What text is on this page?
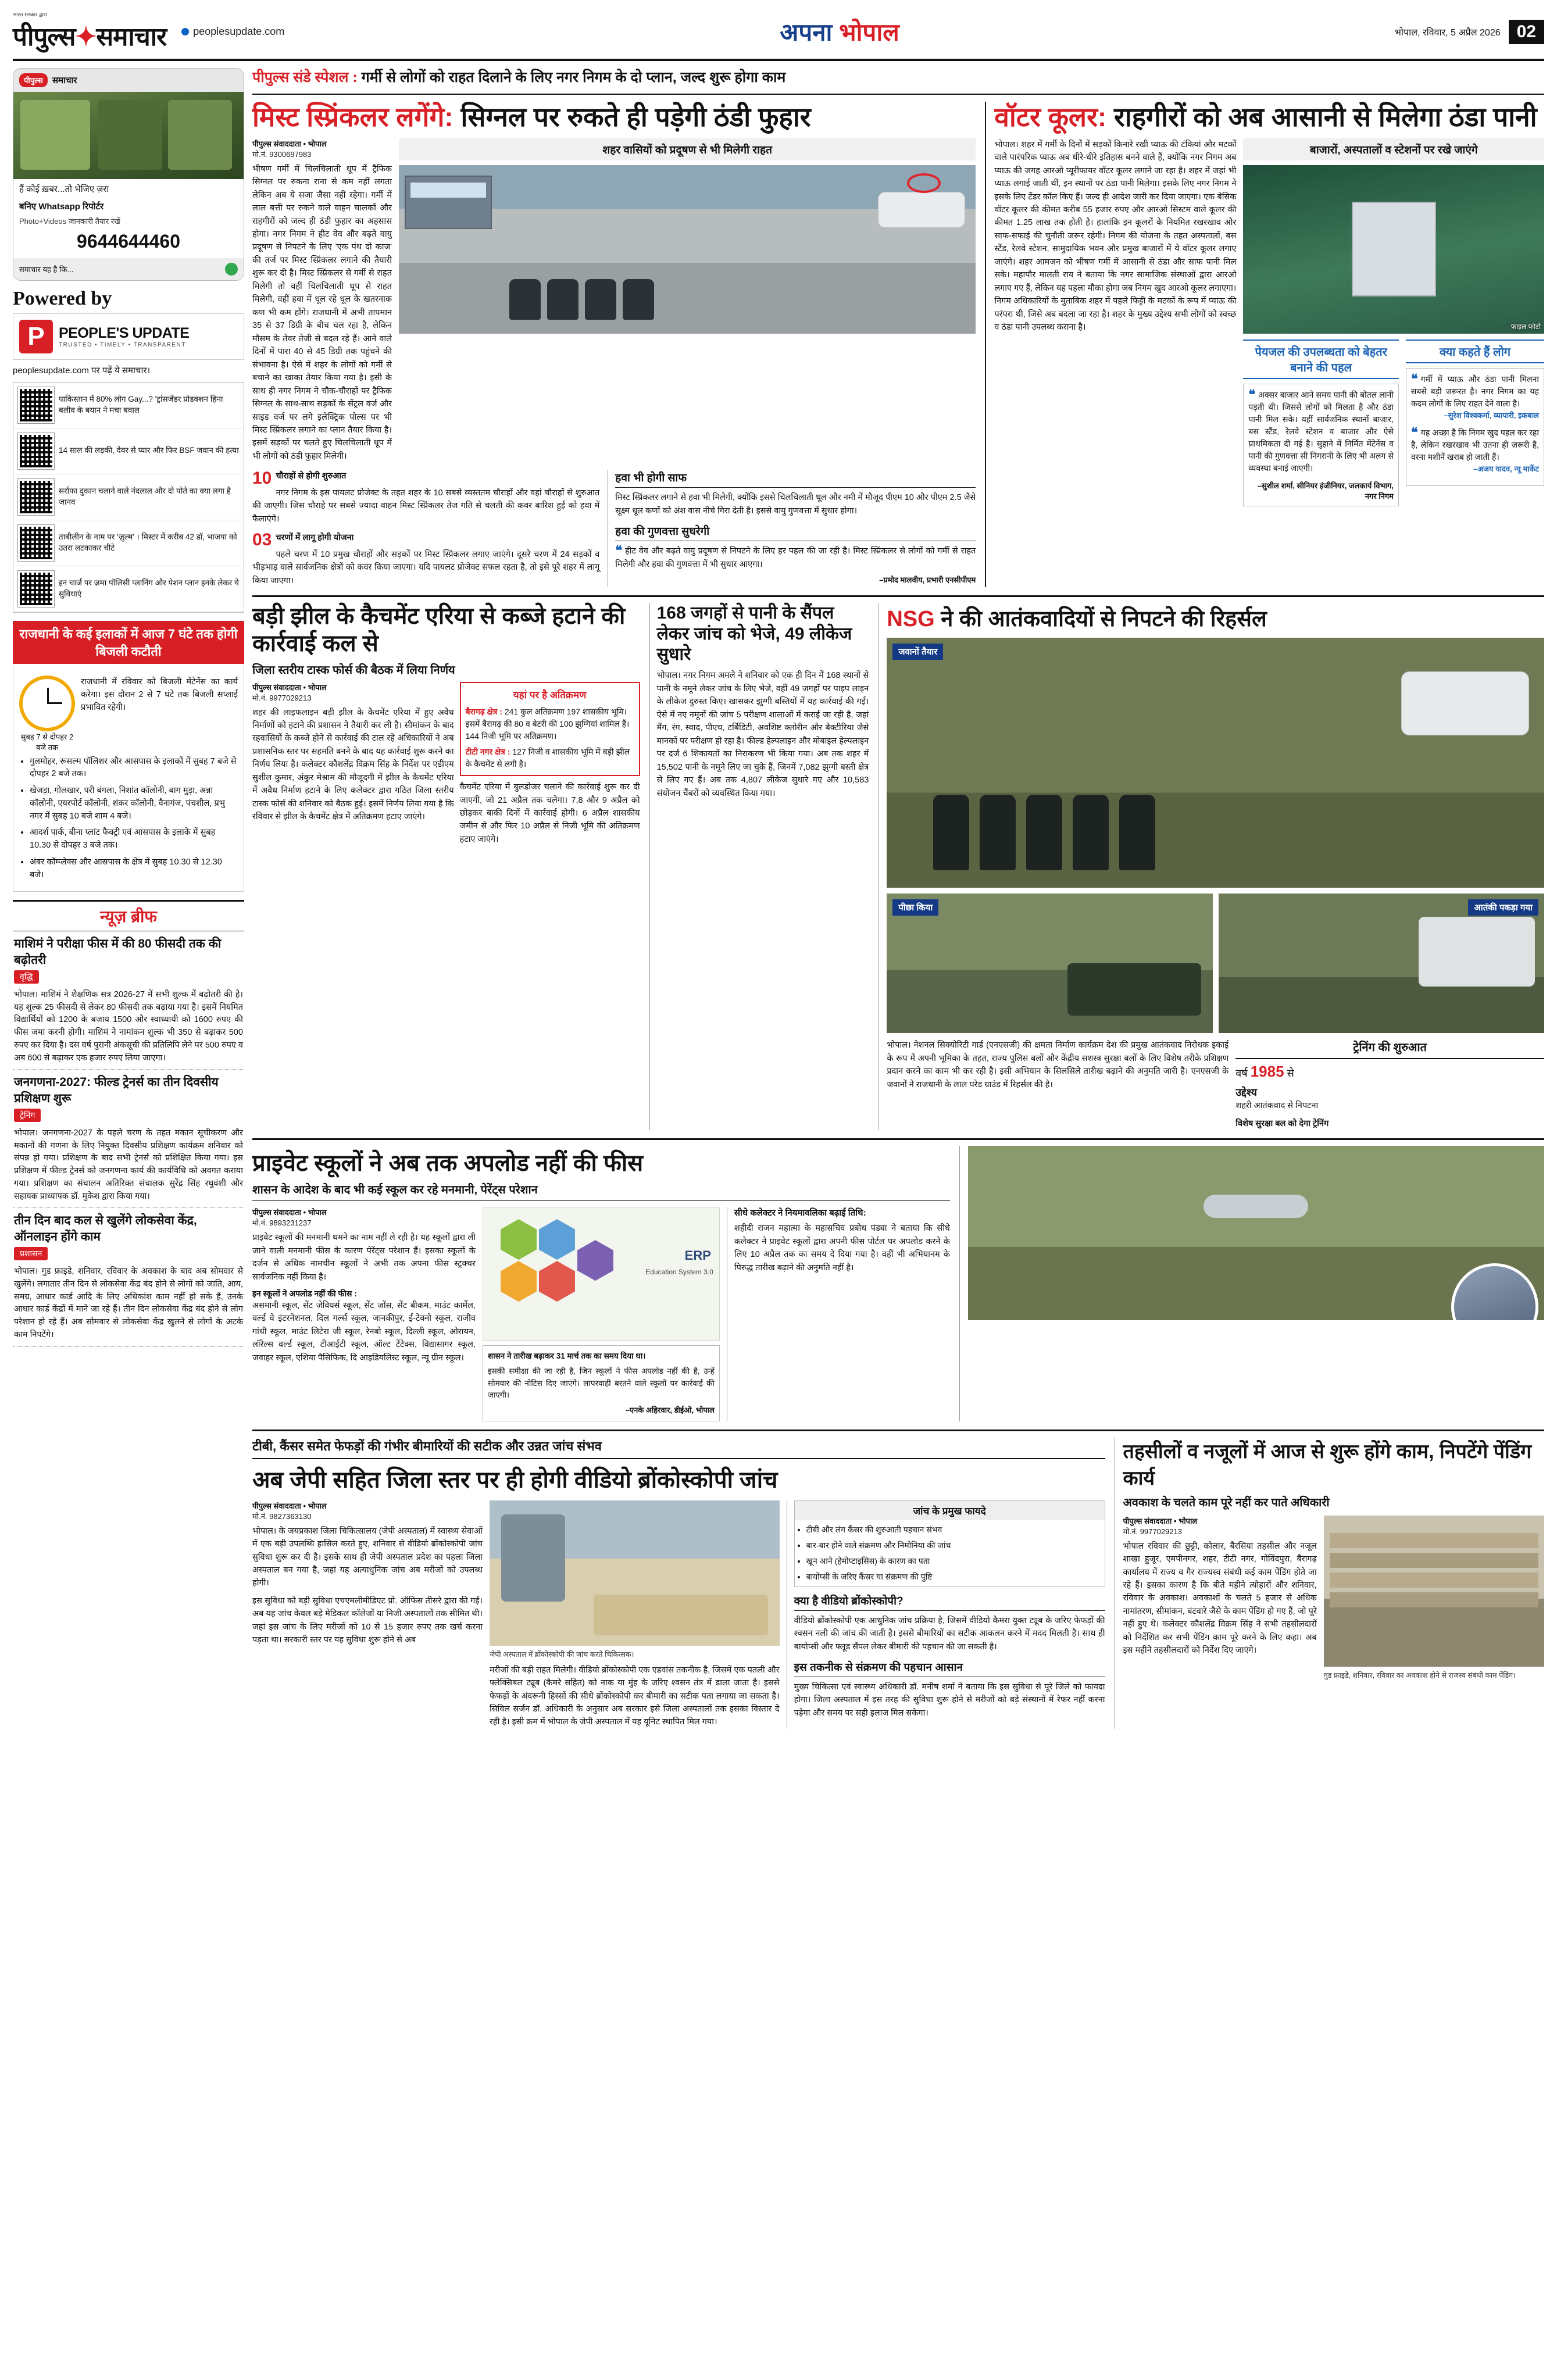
भारत सरकार द्वारा
पीपुल्स✦समाचार	peoplesupdate.com	अपना भोपाल	भोपाल, रविवार, 5 अप्रैल 2026 02
पीपुल्स	समाचार
हैं कोई ख़बर...तो भेजिए ज़रा
बनिए Whatsapp रिपोर्टर
Photo+Videos जानकारी तैयार रखें
9644644460
समाचार यह है कि...
Powered by
P PEOPLE'S UPDATE
TRUSTED • TIMELY • TRANSPARENT
peoplesupdate.com पर पढ़ें ये समाचार।
पाकिस्तान में 80% लोग Gay...? 'ट्रांसजेंडर प्रोडक्शन हिना बलीव के बयान ने मचा बवाल
14 साल की लड़की, देवर से प्यार और फिर BSF जवान की हत्या
सर्राफा दुकान चलाने वाले नंदलाल और दो पोते का क्या लगा है जानव
ताबीलीन के नाम पर 'ज़ुल्म' । मिस्टर में करीब 42 डॉ, भाजपा को उतरा लटकाकर चीटे
इन चार्ज पर ज़मा पॉलिसी प्लानिंग और पेशन प्लान इनके लेकर ये सुविधाएं
राजधानी के कई इलाकों में आज 7 घंटे तक होगी बिजली कटौती
सुबह 7 से दोपहर 2 बजे तक
राजधानी में रविवार को बिजली मेंटेनेंस का कार्य करेगा। इस दौरान 2 से 7 घंटे तक बिजली सप्लाई प्रभावित रहेगी।
• गुलमोहर, रूसल्म पॉलिशर और आसपास के इलाकों में सुबह 7 बजे से दोपहर 2 बजे तक।
• खेजड़ा, गोलखार, परी बंगला, निशांत कॉलोनी, बाग मुड़ा, अन्ना कॉलोनी, एयरपोर्ट कॉलोनी, शंकर कॉलोनी, वैनागंज, पंचशील, प्रभु नगर में सुबह 10 बजे शाम 4 बजे।
• आदर्श पार्क, बीना प्लांट फैक्ट्री एवं आसपास के इलाके में सुबह 10.30 से दोपहर 3 बजे तक।
• अंबर कॉम्प्लेक्स और आसपास के क्षेत्र में सुबह 10.30 से 12.30 बजे।
न्यूज़ ब्रीफ
माशिमं ने परीक्षा फीस में की 80 फीसदी तक की बढ़ोतरी
वृद्धि
भोपाल। माशिमं ने शैक्षणिक सत्र 2026-27 में सभी शुल्क में बढ़ोतरी की है। यह शुल्क 25 फीसदी से लेकर 80 फीसदी तक बढ़ाया गया है। इसमें नियमित विद्यार्थियों को 1200 के बजाय 1500 और स्वाध्यायी को 1600 रुपए की फीस जमा करनी होगी। माशिमं ने नामांकन शुल्क भी 350 से बढ़ाकर 500 रुपए कर दिया है। दस वर्ष पुरानी अंकसूची की प्रतिलिपि लेने पर 500 रुपए व अब 600 से बढ़ाकर एक हजार रुपए लिया जाएगा।
जनगणना-2027: फील्ड ट्रेनर्स का तीन दिवसीय प्रशिक्षण शुरू
ट्रेनिंग
भोपाल। जनगणना-2027 के पहले चरण के तहत मकान सूचीकरण और मकानों की गणना के लिए नियुक्त दिवसीय प्रशिक्षण कार्यक्रम शनिवार को संपन्न हो गया। प्रशिक्षण के बाद सभी ट्रेनर्स को प्रशिक्षित किया गया। इस प्रशिक्षण में फील्ड ट्रेनर्स को जनगणना कार्य की कार्यविधि को अवगत कराया गया। प्रशिक्षण का संचालन अतिरिक्त संचालक सुरेंद्र सिंह रघुवंशी और सहायक प्राध्यापक डॉ. मुकेश द्वारा किया गया।
तीन दिन बाद कल से खुलेंगे लोकसेवा केंद्र, ऑनलाइन होंगे काम
प्रशासन
भोपाल। गुड फ्राइडे, शनिवार, रविवार के अवकाश के बाद अब सोमवार से खुलेंगे। लगातार तीन दिन से लोकसेवा केंद्र बंद होने से लोगों को जाति, आय, समग्र, आधार कार्ड आदि के लिए अधिकांश काम नहीं हो सके हैं, उनके आधार कार्ड केंद्रों में माने जा रहे हैं। तीन दिन लोकसेवा केंद्र बंद होने से लोग परेशान हो रहे हैं। अब सोमवार से लोकसेवा केंद्र खुलने से लोगों के अटके काम निपटेंगे।
पीपुल्स संडे स्पेशल : गर्मी से लोगों को राहत दिलाने के लिए नगर निगम के दो प्लान, जल्द शुरू होगा काम
मिस्ट स्प्रिंकलर लगेंगे: सिग्नल पर रुकते ही पड़ेगी ठंडी फुहार
पीपुल्स संवाददाता • भोपाल
मो.नं. 9300697983
भीषण गर्मी में चिलचिलाती धूप में ट्रैफिक सिग्नल पर रुकना राना से कम नहीं लगता लेकिन अब ये सजा जैसा नहीं रहेगा। गर्मी में लाल बत्ती पर रुकने वाले वाहन चालकों और राहगीरों को जल्द ही ठंडी फुहार का अहसास होगा। नगर निगम ने हीट वेव और बढ़ते वायु प्रदूषण से निपटने के लिए 'एक पंथ दो काज' की तर्ज पर मिस्ट स्प्रिंकलर लगाने की तैयारी शुरू कर दी है। मिस्ट स्प्रिंकलर से गर्मी से राहत मिलेगी तो वहीं चिलचिलाती धूप से राहत मिलेगी, वहीं हवा में धूल रहे धूल के खतरनाक कण भी कम होंगे। राजधानी में अभी तापमान 35 से 37 डिग्री के बीच चल रहा है, लेकिन मौसम के तेवर तेजी से बदल रहे हैं। आने वाले दिनों में पारा 40 से 45 डिग्री तक पहुंचने की संभावना है। ऐसे में शहर के लोगों को गर्मी से बचाने का खाका तैयार किया गया है। इसी के साथ ही नगर निगम ने चौक-चौराहों पर ट्रैफिक सिग्नल के साथ-साथ सड़कों के सेंट्रल वर्ज और साइड वर्ज पर लगे इलेक्ट्रिक पोल्स पर भी मिस्ट स्प्रिंकलर लगाने का प्लान तैयार किया है। इसमें सड़कों पर चलते हुए चिलचिलाती धूप में भी लोगों को ठंडी फुहार मिलेगी।
शहर वासियों को प्रदूषण से भी मिलेगी राहत
10 चौराहों से होगी शुरुआत
नगर निगम के इस पायलट प्रोजेक्ट के तहत शहर के 10 सबसे व्यस्ततम चौराहों और वहां चौराहों से शुरुआत की जाएगी। जिस चौराहे पर सबसे ज्यादा वाहन मिस्ट स्प्रिंकलर तेज गति से चलती की कवर बारिश हुई को हवा में फैलाएंगे।
03 चरणों में लागू होगी योजना
पहले चरण में 10 प्रमुख चौराहों और सड़कों पर मिस्ट स्प्रिंकलर लगाए जाएंगे। दूसरे चरण में 24 सड़कों व भीड़भाड़ वाले सार्वजनिक क्षेत्रों को कवर किया जाएगा। यदि पायलट प्रोजेक्ट सफल रहता है, तो इसे पूरे शहर में लागू किया जाएगा।
हवा भी होगी साफ
मिस्ट स्प्रिंकलर लगाने से हवा भी मिलेगी, क्योंकि इससे चिलचिलाती धूल और नमी में मौजूद पीएम 10 और पीएम 2.5 जैसे सूक्ष्म धूल कणों को अंश वास नीचे गिरा देती है। इससे वायु गुणवत्ता में सुधार होगा।
हवा की गुणवत्ता सुधरेगी
❝ हीट वेव और बढ़ते वायु प्रदूषण से निपटने के लिए हर पहल की जा रही है। मिस्ट स्प्रिंकलर से लोगों को गर्मी से राहत मिलेगी और हवा की गुणवत्ता में भी सुधार आएगा।
–प्रमोद मालवीय, प्रभारी एनसीपीएम
वॉटर कूलर: राहगीरों को अब आसानी से मिलेगा ठंडा पानी
भोपाल। शहर में गर्मी के दिनों में सड़कों किनारे रखी प्याऊ की टंकियां और मटकों वाले पारंपरिक प्याऊ अब धीरे-धीरे इतिहास बनने वाले हैं, क्योंकि नगर निगम अब प्याऊ की जगह आरओ प्यूरीफायर वॉटर कूलर लगाने जा रहा है। शहर में जहां भी प्याऊ लगाई जाती थीं, इन स्थानों पर ठंडा पानी मिलेगा। इसके लिए नगर निगम ने इसके लिए टेंडर कॉल किए हैं। जल्द ही आदेश जारी कर दिया जाएगा। एक बेसिक वॉटर कूलर की कीमत करीब 55 हजार रुपए और आरओ सिस्टम वाले कूलर की कीमत 1.25 लाख तक होती है। हालांकि इन कूलरों के नियमित रखरखाव और साफ-सफाई की चुनौती जरूर रहेगी। निगम की योजना के तहत अस्पतालों, बस स्टैंड, रेलवे स्टेशन, सामुदायिक भवन और प्रमुख बाजारों में ये वॉटर कूलर लगाए जाएंगे। शहर आमजन को भीषण गर्मी में आसानी से ठंडा और साफ पानी मिल सके। महापौर मालती राय ने बताया कि नगर सामाजिक संस्थाओं द्वारा आरओ लगाए गए हैं, लेकिन यह पहला मौका होगा जब निगम खुद आरओ कूलर लगाएगा। निगम अधिकारियों के मुताबिक शहर में पहले फिट्टी के मटकों के रूप में प्याऊ की परंपरा थी, जिसे अब बदला जा रहा है। शहर के मुख्य उद्देश्य सभी लोगों को स्वच्छ व ठंडा पानी उपलब्ध कराना है।
बाजारों, अस्पतालों व स्टेशनों पर रखे जाएंगे
फाइल फोटो
पेयजल की उपलब्धता को बेहतर बनाने की पहल
❝ अक्सर बाजार आने समय पानी की बोतल लानी पड़ती थी। जिससे लोगों को मिलता है और ठंडा पानी मिल सके। यहीं सार्वजनिक स्थानों बाजार, बस स्टैंड, रेलवे स्टेशन व बाजार और ऐसे प्राथमिकता दी गई है। सुहाने में निर्मित मेंटेनेंस व पानी की गुणवत्ता सी निगरानी के लिए भी अलग से व्यवस्था बनाई जाएगी।
–सुशील शर्मा, सीनियर इंजीनियर, जलकार्य विभाग, नगर निगम
क्या कहते हैं लोग
❝ गर्मी में प्याऊ और ठंडा पानी मिलना सबसे बड़ी जरूरत है। नगर निगम का यह कदम लोगों के लिए राहत देने वाला है।
–सुरेश विश्वकर्मा, व्यापारी, इकबाल
❝ यह अच्छा है कि निगम खुद पहल कर रहा है, लेकिन रखरखाव भी उतना ही ज़रूरी है, वरना मशीनें खराब हो जाती हैं।
–अजय यादव, न्यू मार्केट
बड़ी झील के कैचमेंट एरिया से कब्जे हटाने की कार्रवाई कल से
जिला स्तरीय टास्क फोर्स की बैठक में लिया निर्णय
पीपुल्स संवाददाता • भोपाल
मो.नं. 9977029213
शहर की लाइफलाइन बड़ी झील के कैचमेंट एरिया में हुए अवैध निर्माणों को हटाने की प्रशासन ने तैयारी कर ली है। सीमांकन के बाद रहवासियों के कब्जे होने से कार्रवाई की टाल रहे अधिकारियों ने अब प्रशासनिक स्तर पर सहमति बनने के बाद यह कार्रवाई शुरू करने का निर्णय लिया है। कलेक्टर कौशलेंद्र विक्रम सिंह के निर्देश पर एडीएम सुशील कुमार, अंकुर मेश्राम की मौजूदगी में झील के कैचमेंट एरिया में अवैध निर्माण हटाने के लिए कलेक्टर द्वारा गठित जिला स्तरीय टास्क फोर्स की शनिवार को बैठक हुई। इसमें निर्णय लिया गया है कि रविवार से झील के कैचमेंट क्षेत्र में अतिक्रमण हटाए जाएंगे।
यहां पर है अतिक्रमण
बैरागढ़ क्षेत्र : 241 कुल अतिक्रमण 197 शासकीय भूमि। इसमें बैरागढ़ की 80 व बेटरी की 100 झुग्गियां शामिल हैं। 144 निजी भूमि पर अतिक्रमण।
टीटी नगर क्षेत्र : 127 निजी व शासकीय भूमि में बड़ी झील के कैचमेंट से लगी है।
कैचमेंट एरिया में बुलडोजर चलाने की कार्रवाई शुरू कर दी जाएगी, जो 21 अप्रैल तक चलेगा। 7,8 और 9 अप्रैल को छोड़कर बाकी दिनों में कार्रवाई होगी। 6 अप्रैल शासकीय जमीन से और फिर 10 अप्रैल से निजी भूमि की अतिक्रमण हटाए जाएंगे।
168 जगहों से पानी के सैंपल लेकर जांच को भेजे, 49 लीकेज सुधारे
भोपाल। नगर निगम अमले ने शनिवार को एक ही दिन में 168 स्थानों से पानी के नमूने लेकर जांच के लिए भेजे, वहीं 49 जगहों पर पाइप लाइन के लीकेज दुरुस्त किए। खासकर झुग्गी बस्तियों में यह कार्रवाई की गई। ऐसे में नए नमूनों की जांच 5 परीक्षण शालाओं में कराई जा रही है, जहां मैंग, रंग, स्वाद, पीएच, टर्बिडिटी, अवशिष्ट क्लोरीन और बैक्टीरिया जैसे मानकों पर परीक्षण हो रहा है। फील्ड हेल्पलाइन और मोबाइल हेल्पलाइन पर दर्ज 6 शिकायतों का निराकरण भी किया गया। अब तक शहर में 15,502 पानी के नमूने लिए जा चुके हैं, जिनमें 7,082 झुग्गी बस्ती क्षेत्र से लिए गए हैं। अब तक 4,807 लीकेज सुधारे गए और 10,583 संयोजन चैंबरों को व्यवस्थित किया गया।
NSG ने की आतंकवादियों से निपटने की रिहर्सल
जवानों तैयार
पीछा किया	आतंकी पकड़ा गया
भोपाल। नेशनल सिक्योरिटी गार्ड (एनएसजी) की क्षमता निर्माण कार्यक्रम देश की प्रमुख आतंकवाद निरोधक इकाई के रूप में अपनी भूमिका के तहत, राज्य पुलिस बलों और केंद्रीय सशस्त्र सुरक्षा बलों के लिए विशेष तरीके प्रशिक्षण प्रदान करने का काम भी कर रही है। इसी अभियान के सिलसिले तारीख बढ़ाने की अनुमति जारी है। एनएसजी के जवानों ने राजधानी के लाल परेड ग्राउंड में रिहर्सल की है।
ट्रेनिंग की शुरुआत
वर्ष 1985 से
उद्देश्य
शहरी आतंकवाद से निपटना
विशेष सुरक्षा बल को देगा ट्रेनिंग
प्राइवेट स्कूलों ने अब तक अपलोड नहीं की फीस
शासन के आदेश के बाद भी कई स्कूल कर रहे मनमानी, पेरेंट्स परेशान
पीपुल्स संवाददाता • भोपाल
मो.नं. 9893231237
प्राइवेट स्कूलों की मनमानी थमने का नाम नहीं ले रही है। यह स्कूलों द्वारा ली जाने वाली मनमानी फीस के कारण पेरेंट्स परेशान हैं। इसका स्कूलों के दर्जन से अधिक नामचीन स्कूलों ने अभी तक अपना फीस स्ट्रक्चर सार्वजनिक नहीं किया है।
इन स्कूलों ने अपलोड नहीं की फीस :
असमानी स्कूल, सेंट जेवियर्स स्कूल, सेंट जोंस, सेंट बीकम, माउंट कार्मेल, वर्ल्ड वे इंटरनेशनल, दिल गर्ल्स स्कूल, जानकीपुर, ई-टेक्नो स्कूल, राजीव गांधी स्कूल, माउंट लिटेरा जी स्कूल, रेनबो स्कूल, दिल्ली स्कूल, ओरायन, लॉरेल्स वर्ल्ड स्कूल, टीआईटी स्कूल, ऑल्ट टेंटेक्स, विद्यासागर स्कूल, जवाहर स्कूल, एशिया पैसिफिक, दि आइडियलिस्ट स्कूल, न्यू ग्रीन स्कूल।
ERP
Education System 3.0
शासन ने तारीख बढ़ाकर 31 मार्च तक का समय दिया था।
इसकी समीक्षा की जा रही है, जिन स्कूलों ने फीस अपलोड नहीं की है, उन्हें सोमवार की नोटिस दिए जाएंगे। लापरवाही बरतने वाले स्कूलों पर कार्रवाई की जाएगी।
–एनके अहिरवार, डीईओ, भोपाल
सीधे कलेक्टर ने नियमावलिका बढ़ाई तिथि:
शहीदी राजन महात्मा के महासचिव प्रबोध पंड्या ने बताया कि सीधे कलेक्टर ने प्राइवेट स्कूलों द्वारा अपनी फीस पोर्टल पर अपलोड करने के लिए 10 अप्रैल तक का समय दे दिया गया है। वहीं भी अभियानम के पिरुद्ध तारीख बढ़ाने की अनुमति नहीं है।
टीबी, कैंसर समेत फेफड़ों की गंभीर बीमारियों की सटीक और उन्नत जांच संभव
अब जेपी सहित जिला स्तर पर ही होगी वीडियो ब्रोंकोस्कोपी जांच
पीपुल्स संवाददाता • भोपाल
मो.नं. 9827363130
भोपाल। के जयप्रकाश जिला चिकित्सालय (जेपी अस्पताल) में स्वास्थ्य सेवाओं में एक बड़ी उपलब्धि हासिल करते हुए, शनिवार से वीडियो ब्रोंकोस्कोपी जांच सुविधा शुरू कर दी है। इसके साथ ही जेपी अस्पताल प्रदेश का पहला जिला अस्पताल बन गया है, जहां यह अत्याधुनिक जांच अब मरीजों को उपलब्ध होगी।
इस सुविधा को बड़ी सुविधा एचएमलीमीडिएट प्रो. ऑफिस तीसरे द्वारा की गई। अब यह जांच केवल बड़े मेडिकल कॉलेजों या निजी अस्पतालों तक सीमित थी। जहां इस जांच के लिए मरीजों को 10 से 15 हजार रुपए तक खर्च करना पड़ता था। सरकारी स्तर पर यह सुविधा शुरू होने से अब
जेपी अस्पताल में ब्रोंकोस्कोपी की जांच करते चिकित्सक।
मरीजों की बड़ी राहत मिलेगी। वीडियो ब्रोंकोस्कोपी एक एडवांस तकनीक है, जिसमें एक पतली और फ्लेक्सिबल ट्यूब (कैमरे सहित) को नाक या मुंह के जरिए श्वसन तंत्र में डाला जाता है। इससे फेफड़ों के अंदरूनी हिस्सों की सीधे ब्रोंकोस्कोपी कर बीमारी का सटीक पता लगाया जा सकता है। सिविल सर्जन डॉ. अधिकारी के अनुसार अब सरकार इसे जिला अस्पतालों तक इसका विस्तार दे रही है। इसी क्रम में भोपाल के जेपी अस्पताल में यह यूनिट स्थापित मिल गया।
जांच के प्रमुख फायदे
• टीबी और लंग कैंसर की शुरुआती पहचान संभव
• बार-बार होने वाले संक्रमण और निमोनिया की जांच
• खून आने (हेमोप्टाइसिस) के कारण का पता
• बायोप्सी के जरिए कैंसर या संक्रमण की पुष्टि
क्या है वीडियो ब्रोंकोस्कोपी?
वीडियो ब्रोंकोस्कोपी एक आधुनिक जांच प्रक्रिया है, जिसमें वीडियो कैमरा युक्त ट्यूब के जरिए फेफड़ों की श्वसन नली की जांच की जाती है। इससे बीमारियों का सटीक आकलन करने में मदद मिलती है। साथ ही बायोप्सी और फ्लूड सैंपल लेकर बीमारी की पहचान की जा सकती है।
इस तकनीक से संक्रमण की पहचान आसान
मुख्य चिकित्सा एवं स्वास्थ्य अधिकारी डॉ. मनीष शर्मा ने बताया कि इस सुविधा से पूरे जिले को फायदा होगा। जिला अस्पताल में इस तरह की सुविधा शुरू होने से मरीजों को बड़े संस्थानों में रेफर नहीं करना पड़ेगा और समय पर सही इलाज मिल सकेगा।
तहसीलों व नजूलों में आज से शुरू होंगे काम, निपटेंगे पेंडिंग कार्य
अवकाश के चलते काम पूरे नहीं कर पाते अधिकारी
पीपुल्स संवाददाता • भोपाल
मो.नं. 9977029213
भोपाल रविवार की छुट्टी, कोलार, बैरसिया तहसील और नजूल शाखा हुजूर, एमपीनगर, शहर, टीटी नगर, गोविंदपुरा, बैरागढ़ कार्यालय में राज्य व गैर राज्यस्व संबंधी कई काम पेंडिंग होते जा रहे हैं। इसका कारण है कि बीते महीने त्योहारों और शनिवार, रविवार के अवकाश। अवकाशों के चलते 5 हजार से अधिक नामांतरण, सीमांकन, बंटवारे जैसे के काम पेंडिंग हो गए हैं, जो पूरे नहीं हुए थे। कलेक्टर कौशलेंद्र विक्रम सिंह ने सभी तहसीलदारों को निर्देशित कर सभी पेंडिंग काम पूरे करने के लिए कहा। अब इस महीने तहसीलदारों को निर्देश दिए जाएंगे।
गुड फ्राइडे, शनिवार, रविवार का अवकाश होने से राजस्व संबंधी काम पेंडिंग।
